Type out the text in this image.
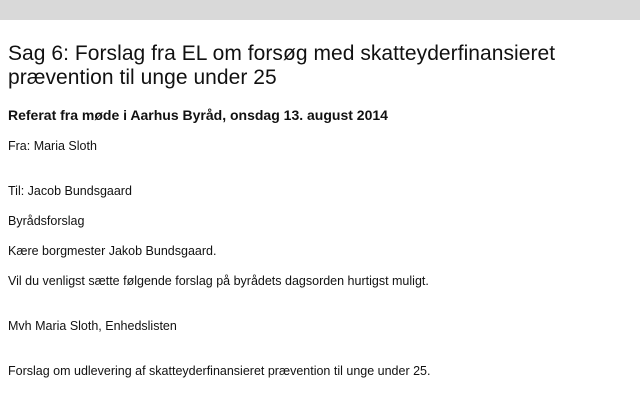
Sag 6: Forslag fra EL om forsøg med skatteyderfinansieret prævention til unge under 25

Referat fra møde i Aarhus Byråd, onsdag 13. august 2014

Fra: Maria Sloth

Til: Jacob Bundsgaard

Byrådsforslag

Kære borgmester Jakob Bundsgaard.

Vil du venligst sætte følgende forslag på byrådets dagsorden hurtigst muligt.

Mvh Maria Sloth, Enhedslisten

Forslag om udlevering af skatteyderfinansieret prævention til unge under 25.
